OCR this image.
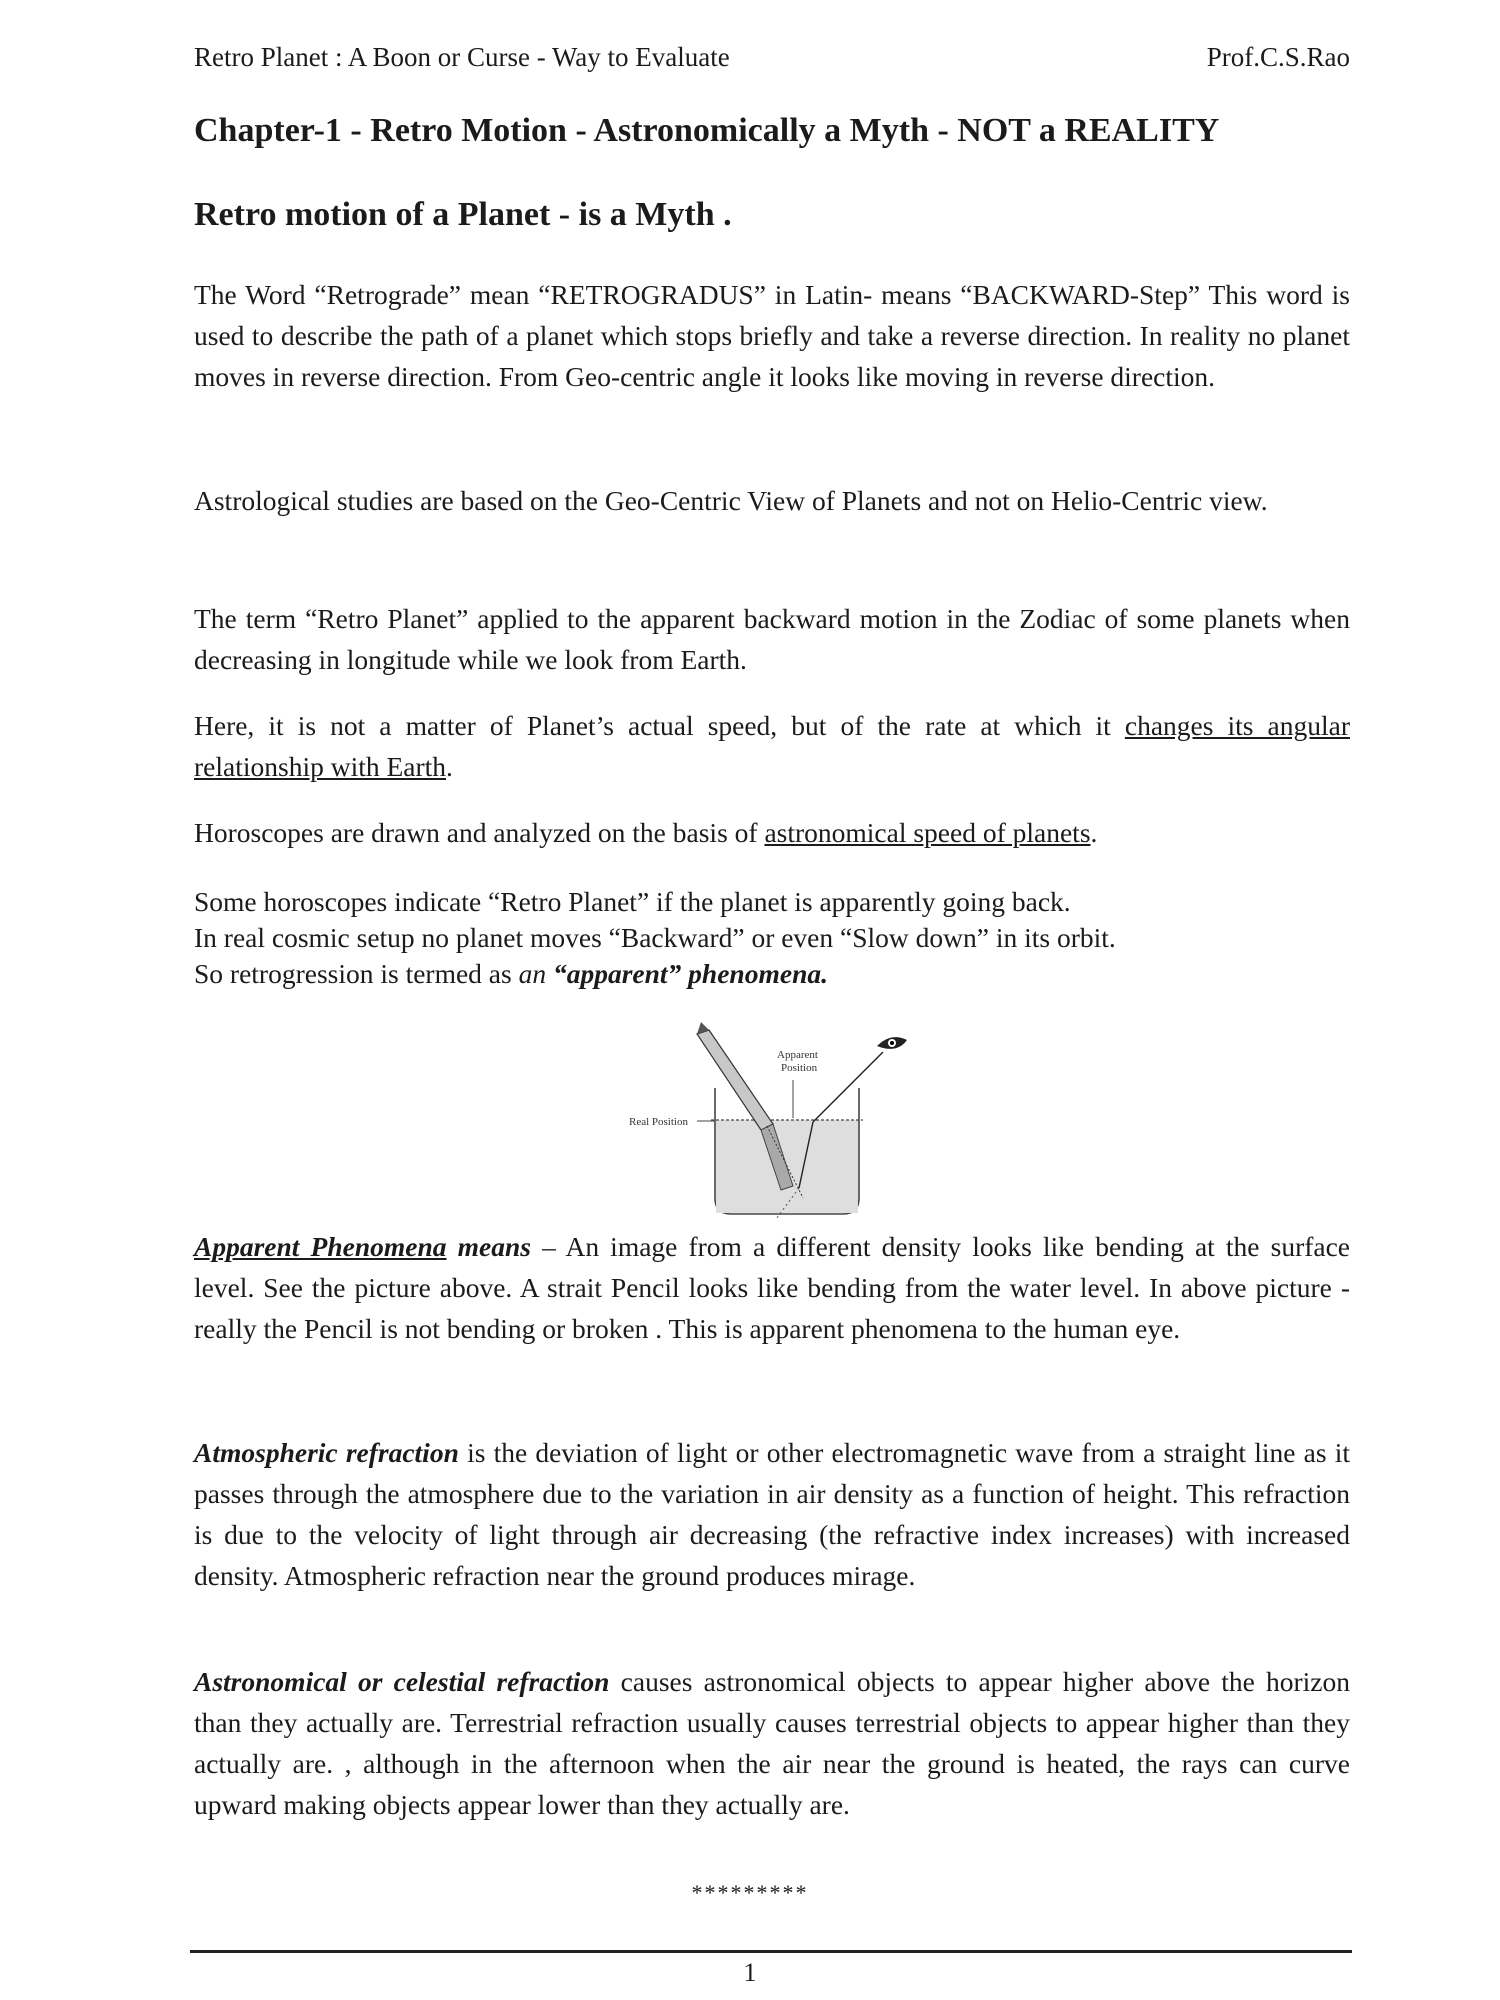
Retro Planet : A Boon or Curse - Way to Evaluate	Prof.C.S.Rao
Chapter-1 - Retro Motion - Astronomically a Myth - NOT a REALITY
Retro motion of a Planet - is a Myth .

The Word “Retrograde” mean “RETROGRADUS” in Latin- means “BACKWARD-Step” This word is used to describe the path of a planet which stops briefly and take a reverse direction. In reality no planet moves in reverse direction. From Geo-centric angle it looks like moving in reverse direction.

Astrological studies are based on the Geo-Centric View of Planets and not on Helio-Centric view.

The term “Retro Planet” applied to the apparent backward motion in the Zodiac of some planets when decreasing in longitude while we look from Earth.

Here, it is not a matter of Planet’s actual speed, but of the rate at which it changes its angular relationship with Earth.

Horoscopes are drawn and analyzed on the basis of astronomical speed of planets.

Some horoscopes indicate “Retro Planet” if the planet is apparently going back.
In real cosmic setup no planet moves “Backward” or even “Slow down” in its orbit.
So retrogression is termed as an “apparent” phenomena.
Apparent
Position
Real Position

Apparent Phenomena means – An image from a different density looks like bending at the surface level. See the picture above. A strait Pencil looks like bending from the water level. In above picture - really the Pencil is not bending or broken . This is apparent phenomena to the human eye.

Atmospheric refraction is the deviation of light or other electromagnetic wave from a straight line as it passes through the atmosphere due to the variation in air density as a function of height. This refraction is due to the velocity of light through air decreasing (the refractive index increases) with increased density. Atmospheric refraction near the ground produces mirage.

Astronomical or celestial refraction causes astronomical objects to appear higher above the horizon than they actually are. Terrestrial refraction usually causes terrestrial objects to appear higher than they actually are. , although in the afternoon when the air near the ground is heated, the rays can curve upward making objects appear lower than they actually are.

*********
1
